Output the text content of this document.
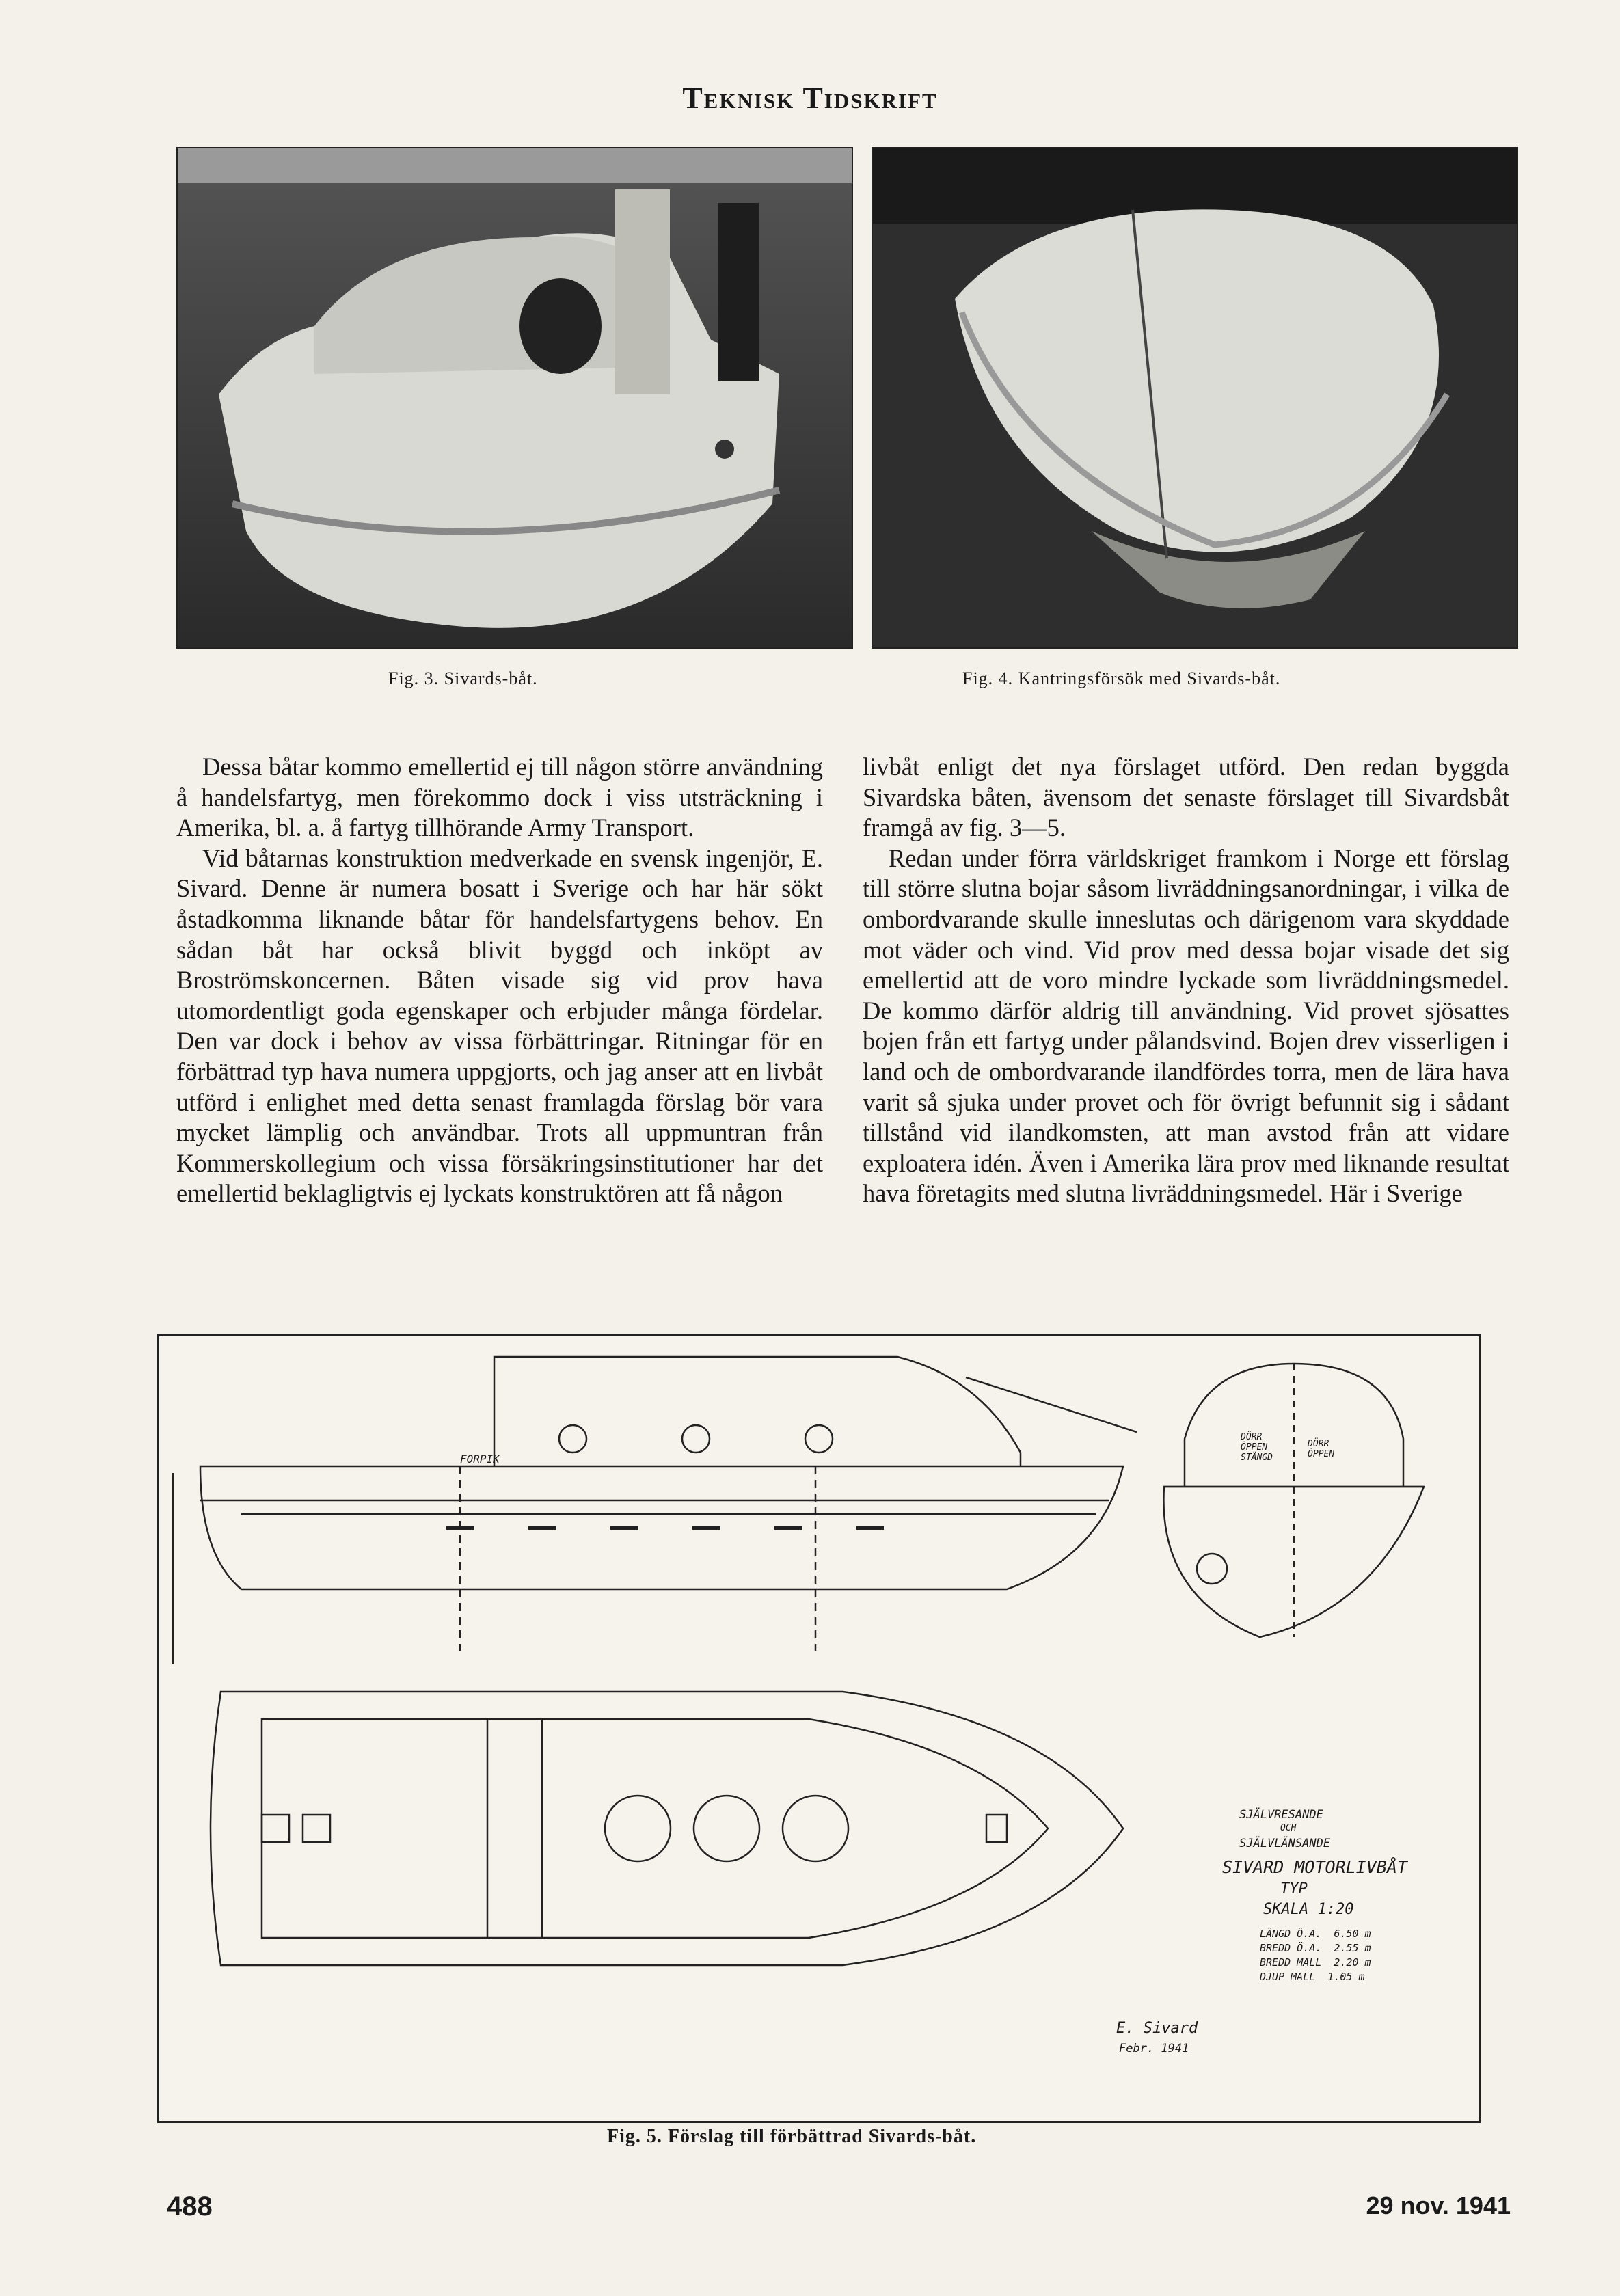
Teknisk Tidskrift
Fig. 3. Sivards-båt.	Fig. 4. Kantringsförsök med Sivards-båt.

Dessa båtar kommo emellertid ej till någon större användning å handelsfartyg, men förekommo dock i viss utsträckning i Amerika, bl. a. å fartyg tillhörande Army Transport.

Vid båtarnas konstruktion medverkade en svensk ingenjör, E. Sivard. Denne är numera bosatt i Sverige och har här sökt åstadkomma liknande båtar för handelsfartygens behov. En sådan båt har också blivit byggd och inköpt av Broströmskoncernen. Båten visade sig vid prov hava utomordentligt goda egenskaper och erbjuder många fördelar. Den var dock i behov av vissa förbättringar. Ritningar för en förbättrad typ hava numera uppgjorts, och jag anser att en livbåt utförd i enlighet med detta senast framlagda förslag bör vara mycket lämplig och användbar. Trots all uppmuntran från Kommerskollegium och vissa försäkringsinstitutioner har det emellertid beklagligtvis ej lyckats konstruktören att få någon

livbåt enligt det nya förslaget utförd. Den redan byggda Sivardska båten, ävensom det senaste förslaget till Sivardsbåt framgå av fig. 3—5.

Redan under förra världskriget framkom i Norge ett förslag till större slutna bojar såsom livräddningsanordningar, i vilka de ombordvarande skulle inneslutas och därigenom vara skyddade mot väder och vind. Vid prov med dessa bojar visade det sig emellertid att de voro mindre lyckade som livräddningsmedel. De kommo därför aldrig till användning. Vid provet sjösattes bojen från ett fartyg under pålandsvind. Bojen drev visserligen i land och de ombordvarande ilandfördes torra, men de lära hava varit så sjuka under provet och för övrigt befunnit sig i sådant tillstånd vid ilandkomsten, att man avstod från att vidare exploatera idén. Även i Amerika lära prov med liknande resultat hava företagits med slutna livräddningsmedel. Här i Sverige

FORPIK
DÖRR ÖPPEN STÄNGD
DÖRR ÖPPEN
SJÄLVRESANDE
OCH
SJÄLVLÄNSANDE
SIVARD MOTORLIVBÅT
TYP
SKALA 1:20
LÄNGD Ö.A. 6.50 m
BREDD Ö.A. 2.55 m
BREDD MALL 2.20 m
DJUP MALL 1.05 m
E. Sivard
Febr. 1941
Fig. 5. Förslag till förbättrad Sivards-båt.
488	29 nov. 1941
